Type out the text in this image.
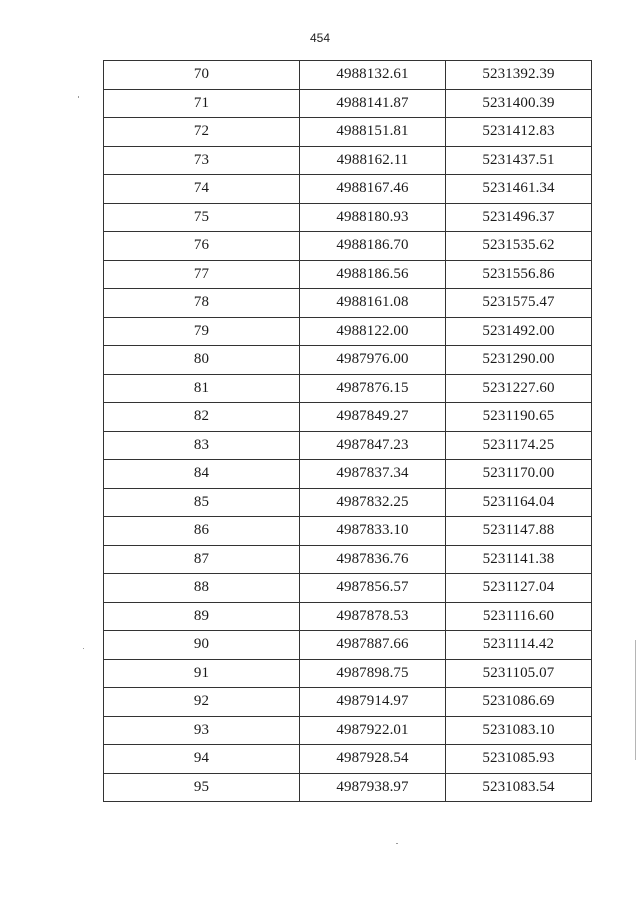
454
70	4988132.61	5231392.39
71	4988141.87	5231400.39
72	4988151.81	5231412.83
73	4988162.11	5231437.51
74	4988167.46	5231461.34
75	4988180.93	5231496.37
76	4988186.70	5231535.62
77	4988186.56	5231556.86
78	4988161.08	5231575.47
79	4988122.00	5231492.00
80	4987976.00	5231290.00
81	4987876.15	5231227.60
82	4987849.27	5231190.65
83	4987847.23	5231174.25
84	4987837.34	5231170.00
85	4987832.25	5231164.04
86	4987833.10	5231147.88
87	4987836.76	5231141.38
88	4987856.57	5231127.04
89	4987878.53	5231116.60
90	4987887.66	5231114.42
91	4987898.75	5231105.07
92	4987914.97	5231086.69
93	4987922.01	5231083.10
94	4987928.54	5231085.93
95	4987938.97	5231083.54
